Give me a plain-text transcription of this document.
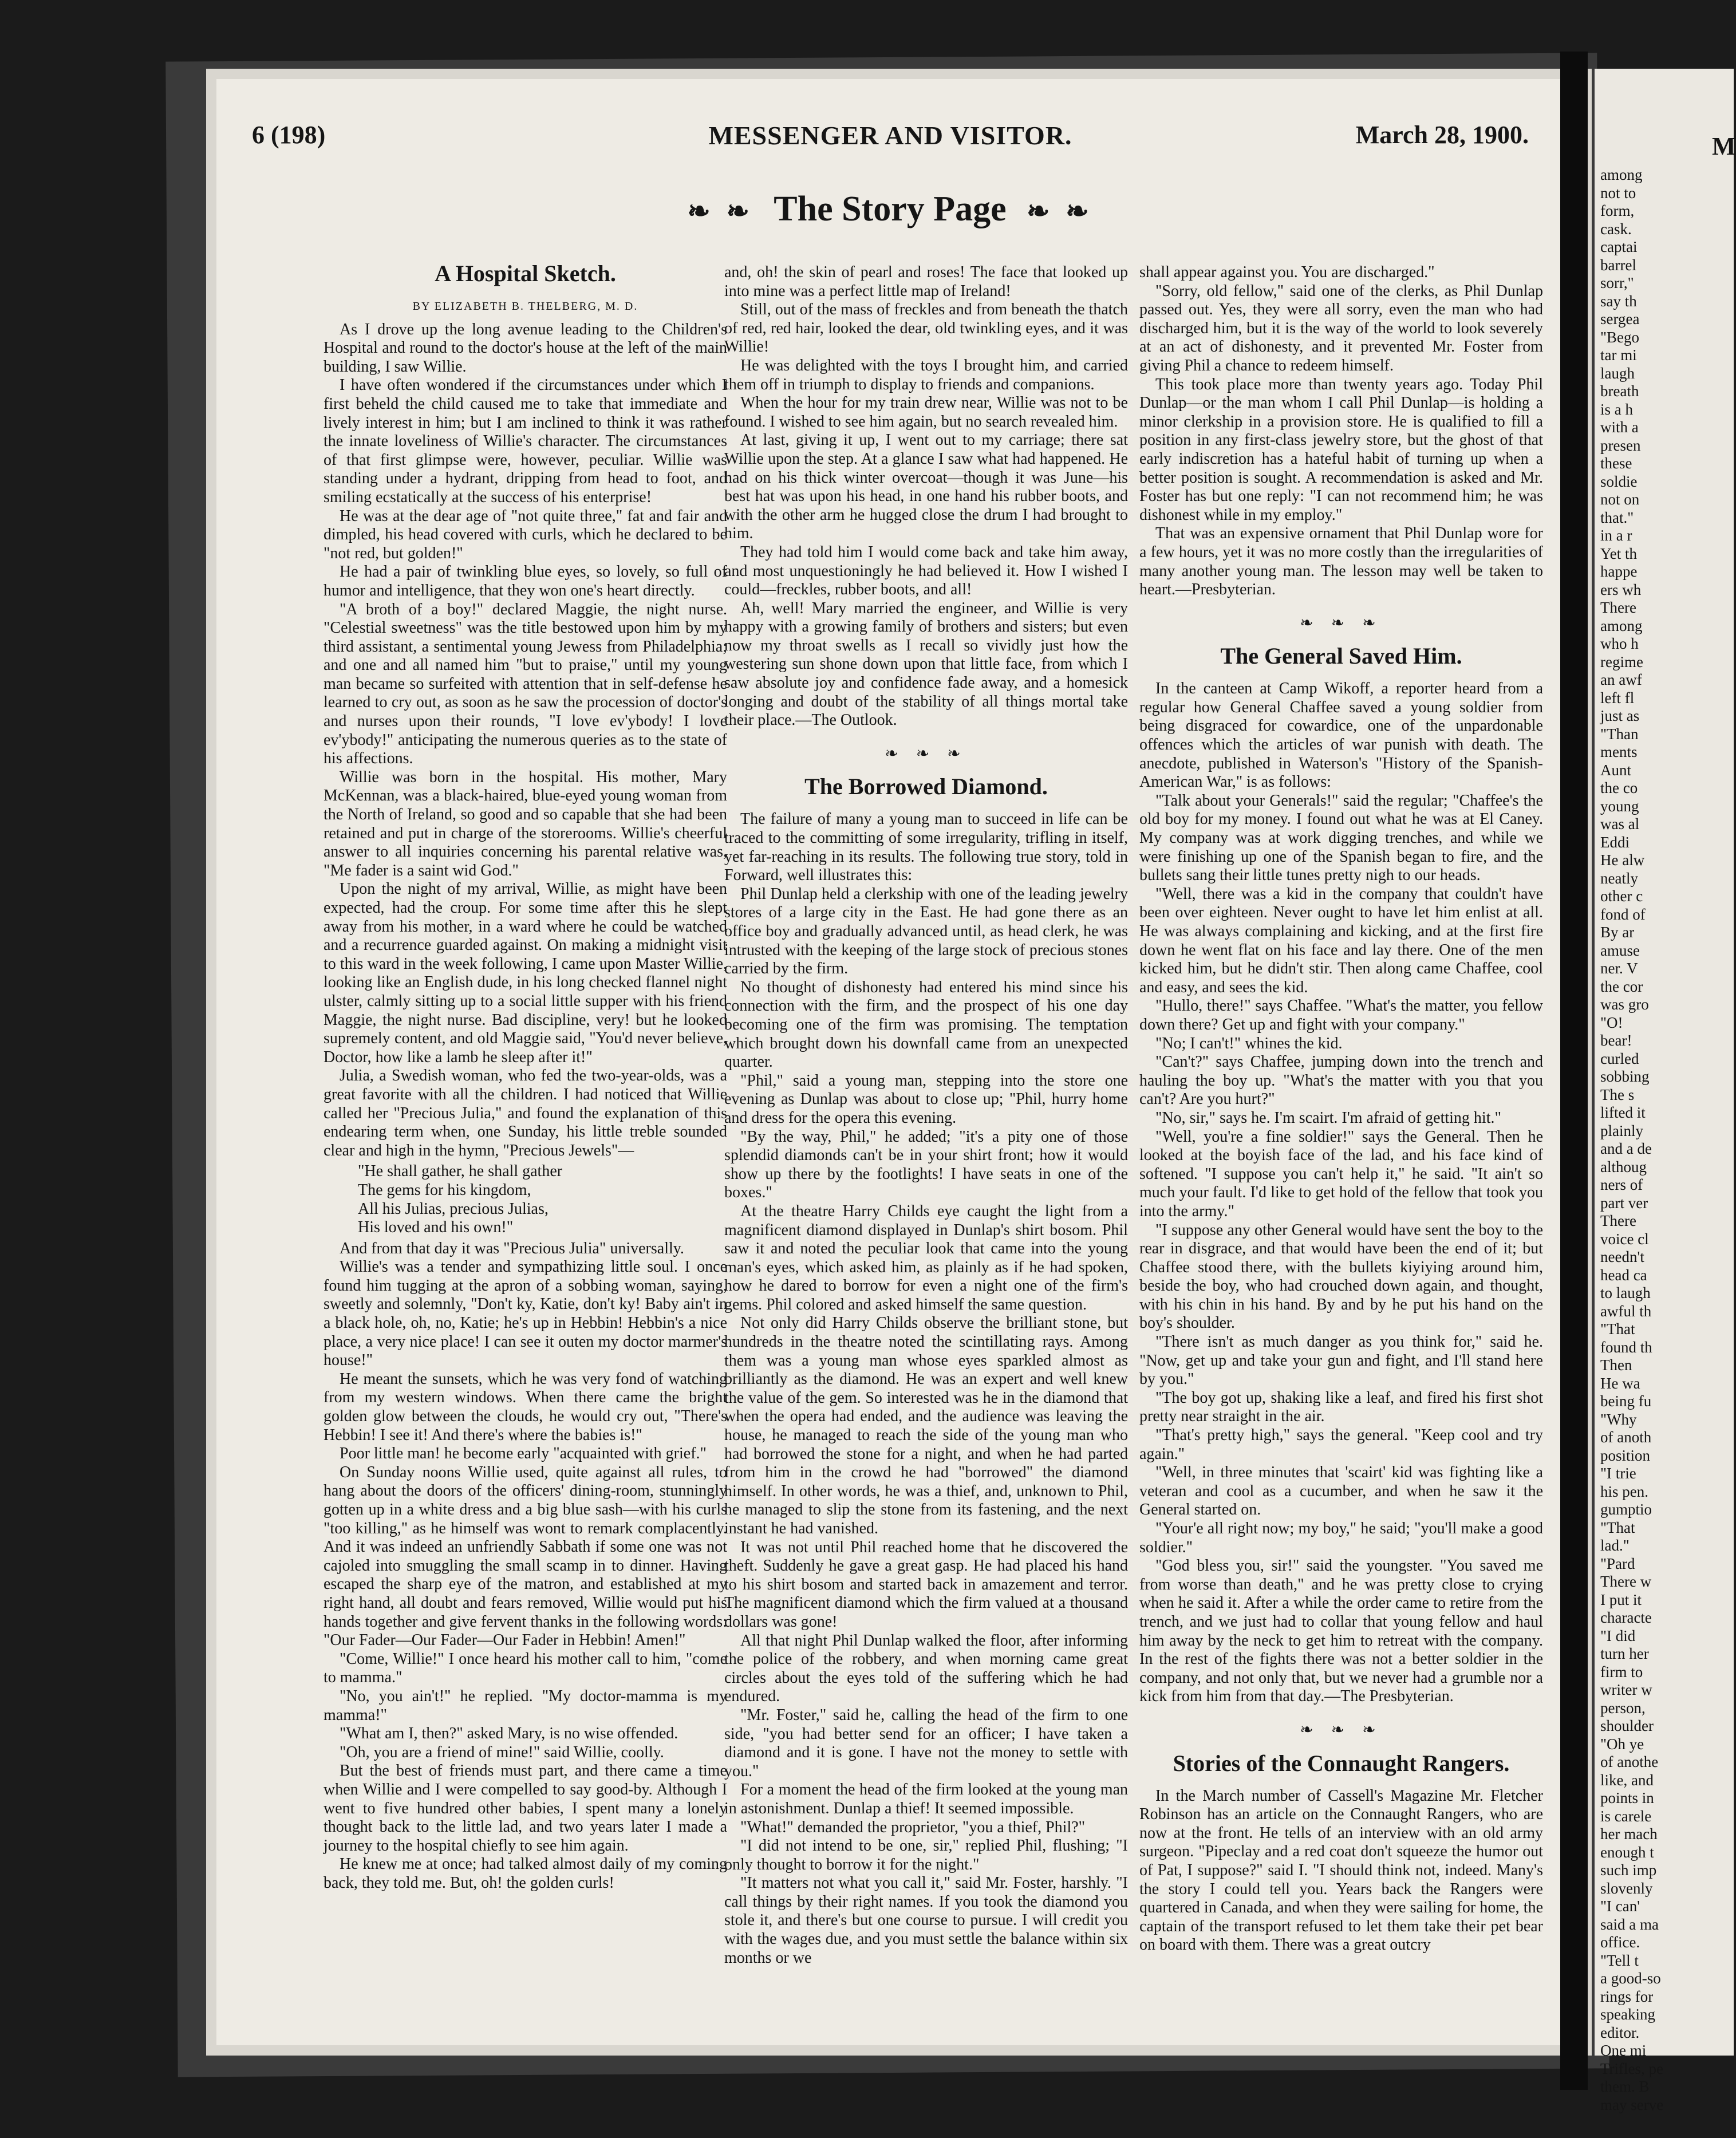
M
among
not to
form,
cask.
captai
barrel
sorr,"
say th
sergea
"Bego
tar mi
laugh
breath
is a h
with a
presen
these
soldie
not on
that."
in a r
Yet th
happe
ers wh
There
among
who h
regime
an awf
left fl
just as
"Than
ments
Aunt
the co
young
was al
Eddi
He alw
neatly
other c
fond of
By ar
amuse
ner. V
the cor
was gro
"O!
bear!
curled
sobbing
The s
lifted it
plainly
and a de
althoug
ners of
part ver
There
voice cl
needn't
head ca
to laugh
awful th
"That
found th
Then
He wa
being fu
"Why
of anoth
position
"I trie
his pen.
gumptio
"That
lad."
"Pard
There w
I put it
characte
"I did
turn her
firm to
writer w
person,
shoulder
"Oh ye
of anothe
like, and
points in
is carele
her mach
enough t
such imp
slovenly
"I can'
said a ma
office.
"Tell t
a good-so
rings for
speaking
editor.
One mi
Trifles, pe
them. B
may serve
6 (198)	MESSENGER AND VISITOR.	March 28, 1900.
❧ ❧ The Story Page ❧ ❧
A Hospital Sketch.

BY ELIZABETH B. THELBERG, M. D.

As I drove up the long avenue leading to the Children's Hospital and round to the doctor's house at the left of the main building, I saw Willie.

I have often wondered if the circumstances under which I first beheld the child caused me to take that immediate and lively interest in him; but I am inclined to think it was rather the innate loveliness of Willie's character. The circumstances of that first glimpse were, however, peculiar. Willie was standing under a hydrant, dripping from head to foot, and smiling ecstatically at the success of his enterprise!

He was at the dear age of "not quite three," fat and fair and dimpled, his head covered with curls, which he declared to be "not red, but golden!"

He had a pair of twinkling blue eyes, so lovely, so full of humor and intelligence, that they won one's heart directly.

"A broth of a boy!" declared Maggie, the night nurse. "Celestial sweetness" was the title bestowed upon him by my third assistant, a sentimental young Jewess from Philadelphia; and one and all named him "but to praise," until my young man became so surfeited with attention that in self-defense he learned to cry out, as soon as he saw the procession of doctor's and nurses upon their rounds, "I love ev'ybody! I love ev'ybody!" anticipating the numerous queries as to the state of his affections.

Willie was born in the hospital. His mother, Mary McKennan, was a black-haired, blue-eyed young woman from the North of Ireland, so good and so capable that she had been retained and put in charge of the storerooms. Willie's cheerful answer to all inquiries concerning his parental relative was, "Me fader is a saint wid God."

Upon the night of my arrival, Willie, as might have been expected, had the croup. For some time after this he slept away from his mother, in a ward where he could be watched and a recurrence guarded against. On making a midnight visit to this ward in the week following, I came upon Master Willie, looking like an English dude, in his long checked flannel night ulster, calmly sitting up to a social little supper with his friend Maggie, the night nurse. Bad discipline, very! but he looked supremely content, and old Maggie said, "You'd never believe, Doctor, how like a lamb he sleep after it!"

Julia, a Swedish woman, who fed the two-year-olds, was a great favorite with all the children. I had noticed that Willie called her "Precious Julia," and found the explanation of this endearing term when, one Sunday, his little treble sounded clear and high in the hymn, "Precious Jewels"—

"He shall gather, he shall gather
The gems for his kingdom,
All his Julias, precious Julias,
His loved and his own!"

And from that day it was "Precious Julia" universally.

Willie's was a tender and sympathizing little soul. I once found him tugging at the apron of a sobbing woman, saying, sweetly and solemnly, "Don't ky, Katie, don't ky! Baby ain't in a black hole, oh, no, Katie; he's up in Hebbin! Hebbin's a nice place, a very nice place! I can see it outen my doctor marmer's house!"

He meant the sunsets, which he was very fond of watching from my western windows. When there came the bright golden glow between the clouds, he would cry out, "There's Hebbin! I see it! And there's where the babies is!"

Poor little man! he become early "acquainted with grief."

On Sunday noons Willie used, quite against all rules, to hang about the doors of the officers' dining-room, stunningly gotten up in a white dress and a big blue sash—with his curls "too killing," as he himself was wont to remark complacently. And it was indeed an unfriendly Sabbath if some one was not cajoled into smuggling the small scamp in to dinner. Having escaped the sharp eye of the matron, and established at my right hand, all doubt and fears removed, Willie would put his hands together and give fervent thanks in the following words: "Our Fader—Our Fader—Our Fader in Hebbin! Amen!"

"Come, Willie!" I once heard his mother call to him, "come to mamma."

"No, you ain't!" he replied. "My doctor-mamma is my mamma!"

"What am I, then?" asked Mary, is no wise offended.

"Oh, you are a friend of mine!" said Willie, coolly.

But the best of friends must part, and there came a time when Willie and I were compelled to say good-by. Although I went to five hundred other babies, I spent many a lonely thought back to the little lad, and two years later I made a journey to the hospital chiefly to see him again.

He knew me at once; had talked almost daily of my coming back, they told me. But, oh! the golden curls!

and, oh! the skin of pearl and roses! The face that looked up into mine was a perfect little map of Ireland!

Still, out of the mass of freckles and from beneath the thatch of red, red hair, looked the dear, old twinkling eyes, and it was Willie!

He was delighted with the toys I brought him, and carried them off in triumph to display to friends and companions.

When the hour for my train drew near, Willie was not to be found. I wished to see him again, but no search revealed him.

At last, giving it up, I went out to my carriage; there sat Willie upon the step. At a glance I saw what had happened. He had on his thick winter overcoat—though it was June—his best hat was upon his head, in one hand his rubber boots, and with the other arm he hugged close the drum I had brought to him.

They had told him I would come back and take him away, and most unquestioningly he had believed it. How I wished I could—freckles, rubber boots, and all!

Ah, well! Mary married the engineer, and Willie is very happy with a growing family of brothers and sisters; but even now my throat swells as I recall so vividly just how the westering sun shone down upon that little face, from which I saw absolute joy and confidence fade away, and a homesick longing and doubt of the stability of all things mortal take their place.—The Outlook.

❧ ❧ ❧

The Borrowed Diamond.

The failure of many a young man to succeed in life can be traced to the committing of some irregularity, trifling in itself, yet far-reaching in its results. The following true story, told in Forward, well illustrates this:

Phil Dunlap held a clerkship with one of the leading jewelry stores of a large city in the East. He had gone there as an office boy and gradually advanced until, as head clerk, he was intrusted with the keeping of the large stock of precious stones carried by the firm.

No thought of dishonesty had entered his mind since his connection with the firm, and the prospect of his one day becoming one of the firm was promising. The temptation which brought down his downfall came from an unexpected quarter.

"Phil," said a young man, stepping into the store one evening as Dunlap was about to close up; "Phil, hurry home and dress for the opera this evening.

"By the way, Phil," he added; "it's a pity one of those splendid diamonds can't be in your shirt front; how it would show up there by the footlights! I have seats in one of the boxes."

At the theatre Harry Childs eye caught the light from a magnificent diamond displayed in Dunlap's shirt bosom. Phil saw it and noted the peculiar look that came into the young man's eyes, which asked him, as plainly as if he had spoken, how he dared to borrow for even a night one of the firm's gems. Phil colored and asked himself the same question.

Not only did Harry Childs observe the brilliant stone, but hundreds in the theatre noted the scintillating rays. Among them was a young man whose eyes sparkled almost as brilliantly as the diamond. He was an expert and well knew the value of the gem. So interested was he in the diamond that when the opera had ended, and the audience was leaving the house, he managed to reach the side of the young man who had borrowed the stone for a night, and when he had parted from him in the crowd he had "borrowed" the diamond himself. In other words, he was a thief, and, unknown to Phil, he managed to slip the stone from its fastening, and the next instant he had vanished.

It was not until Phil reached home that he discovered the theft. Suddenly he gave a great gasp. He had placed his hand to his shirt bosom and started back in amazement and terror. The magnificent diamond which the firm valued at a thousand dollars was gone!

All that night Phil Dunlap walked the floor, after informing the police of the robbery, and when morning came great circles about the eyes told of the suffering which he had endured.

"Mr. Foster," said he, calling the head of the firm to one side, "you had better send for an officer; I have taken a diamond and it is gone. I have not the money to settle with you."

For a moment the head of the firm looked at the young man in astonishment. Dunlap a thief! It seemed impossible.

"What!" demanded the proprietor, "you a thief, Phil?"

"I did not intend to be one, sir," replied Phil, flushing; "I only thought to borrow it for the night."

"It matters not what you call it," said Mr. Foster, harshly. "I call things by their right names. If you took the diamond you stole it, and there's but one course to pursue. I will credit you with the wages due, and you must settle the balance within six months or we

shall appear against you. You are discharged."

"Sorry, old fellow," said one of the clerks, as Phil Dunlap passed out. Yes, they were all sorry, even the man who had discharged him, but it is the way of the world to look severely at an act of dishonesty, and it prevented Mr. Foster from giving Phil a chance to redeem himself.

This took place more than twenty years ago. Today Phil Dunlap—or the man whom I call Phil Dunlap—is holding a minor clerkship in a provision store. He is qualified to fill a position in any first-class jewelry store, but the ghost of that early indiscretion has a hateful habit of turning up when a better position is sought. A recommendation is asked and Mr. Foster has but one reply: "I can not recommend him; he was dishonest while in my employ."

That was an expensive ornament that Phil Dunlap wore for a few hours, yet it was no more costly than the irregularities of many another young man. The lesson may well be taken to heart.—Presbyterian.

❧ ❧ ❧

The General Saved Him.

In the canteen at Camp Wikoff, a reporter heard from a regular how General Chaffee saved a young soldier from being disgraced for cowardice, one of the unpardonable offences which the articles of war punish with death. The anecdote, published in Waterson's "History of the Spanish-American War," is as follows:

"Talk about your Generals!" said the regular; "Chaffee's the old boy for my money. I found out what he was at El Caney. My company was at work digging trenches, and while we were finishing up one of the Spanish began to fire, and the bullets sang their little tunes pretty nigh to our heads.

"Well, there was a kid in the company that couldn't have been over eighteen. Never ought to have let him enlist at all. He was always complaining and kicking, and at the first fire down he went flat on his face and lay there. One of the men kicked him, but he didn't stir. Then along came Chaffee, cool and easy, and sees the kid.

"Hullo, there!" says Chaffee. "What's the matter, you fellow down there? Get up and fight with your company."

"No; I can't!" whines the kid.

"Can't?" says Chaffee, jumping down into the trench and hauling the boy up. "What's the matter with you that you can't? Are you hurt?"

"No, sir," says he. I'm scairt. I'm afraid of getting hit."

"Well, you're a fine soldier!" says the General. Then he looked at the boyish face of the lad, and his face kind of softened. "I suppose you can't help it," he said. "It ain't so much your fault. I'd like to get hold of the fellow that took you into the army."

"I suppose any other General would have sent the boy to the rear in disgrace, and that would have been the end of it; but Chaffee stood there, with the bullets kiyiying around him, beside the boy, who had crouched down again, and thought, with his chin in his hand. By and by he put his hand on the boy's shoulder.

"There isn't as much danger as you think for," said he. "Now, get up and take your gun and fight, and I'll stand here by you."

"The boy got up, shaking like a leaf, and fired his first shot pretty near straight in the air.

"That's pretty high," says the general. "Keep cool and try again."

"Well, in three minutes that 'scairt' kid was fighting like a veteran and cool as a cucumber, and when he saw it the General started on.

"Your'e all right now; my boy," he said; "you'll make a good soldier."

"God bless you, sir!" said the youngster. "You saved me from worse than death," and he was pretty close to crying when he said it. After a while the order came to retire from the trench, and we just had to collar that young fellow and haul him away by the neck to get him to retreat with the company. In the rest of the fights there was not a better soldier in the company, and not only that, but we never had a grumble nor a kick from him from that day.—The Presbyterian.

❧ ❧ ❧

Stories of the Connaught Rangers.

In the March number of Cassell's Magazine Mr. Fletcher Robinson has an article on the Connaught Rangers, who are now at the front. He tells of an interview with an old army surgeon. "Pipeclay and a red coat don't squeeze the humor out of Pat, I suppose?" said I. "I should think not, indeed. Many's the story I could tell you. Years back the Rangers were quartered in Canada, and when they were sailing for home, the captain of the transport refused to let them take their pet bear on board with them. There was a great outcry
